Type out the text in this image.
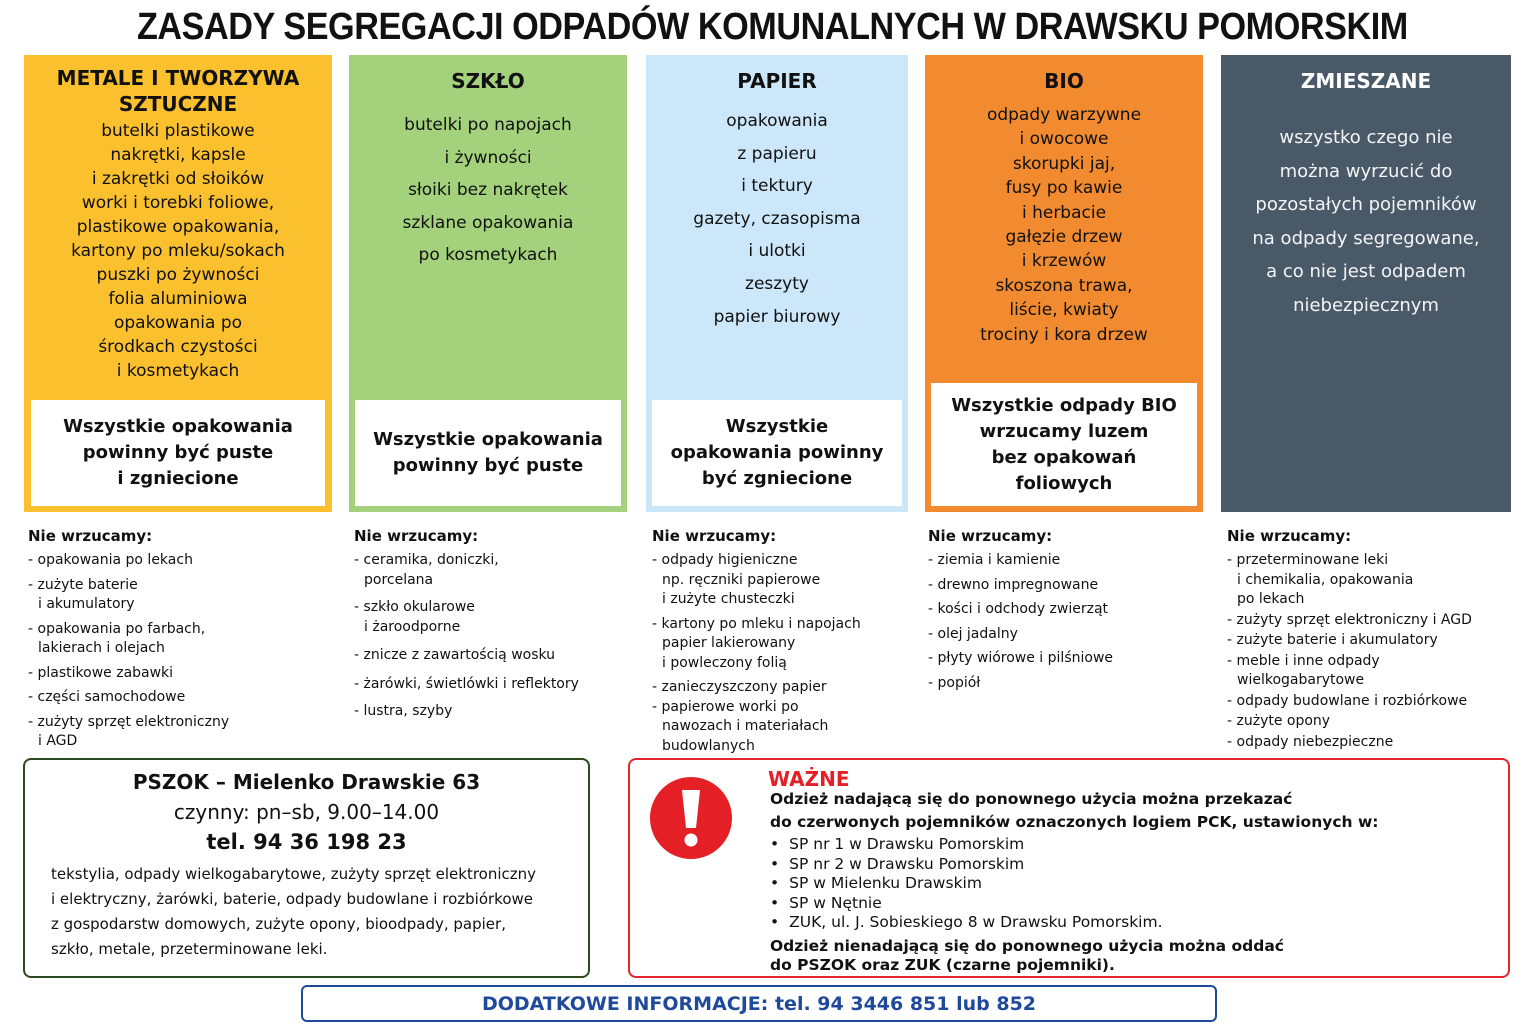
ZASADY SEGREGACJI ODPADÓW KOMUNALNYCH W DRAWSKU POMORSKIM
METALE I TWORZYWA
SZTUCZNE
butelki plastikowe
nakrętki, kapsle
i zakrętki od słoików
worki i torebki foliowe,
plastikowe opakowania,
kartony po mleku/sokach
puszki po żywności
folia aluminiowa
opakowania po
środkach czystości
i kosmetykach
Wszystkie opakowania
powinny być puste
i zgniecione
SZKŁO
butelki po napojach
i żywności
słoiki bez nakrętek
szklane opakowania
po kosmetykach
Wszystkie opakowania
powinny być puste
PAPIER
opakowania
z papieru
i tektury
gazety, czasopisma
i ulotki
zeszyty
papier biurowy
Wszystkie
opakowania powinny
być zgniecione
BIO
odpady warzywne
i owocowe
skorupki jaj,
fusy po kawie
i herbacie
gałęzie drzew
i krzewów
skoszona trawa,
liście, kwiaty
trociny i kora drzew
Wszystkie odpady BIO
wrzucamy luzem
bez opakowań
foliowych
ZMIESZANE
wszystko czego nie
można wyrzucić do
pozostałych pojemników
na odpady segregowane,
a co nie jest odpadem
niebezpiecznym
Nie wrzucamy:
- opakowania po lekach
- zużyte baterie
i akumulatory
- opakowania po farbach,
lakierach i olejach
- plastikowe zabawki
- części samochodowe
- zużyty sprzęt elektroniczny
i AGD
Nie wrzucamy:
- ceramika, doniczki,
porcelana
- szkło okularowe
i żaroodporne
- znicze z zawartością wosku
- żarówki, świetlówki i reflektory
- lustra, szyby
Nie wrzucamy:
- odpady higieniczne
np. ręczniki papierowe
i zużyte chusteczki
- kartony po mleku i napojach
papier lakierowany
i powleczony folią
- zanieczyszczony papier
- papierowe worki po
nawozach i materiałach
budowlanych
Nie wrzucamy:
- ziemia i kamienie
- drewno impregnowane
- kości i odchody zwierząt
- olej jadalny
- płyty wiórowe i pilśniowe
- popiół
Nie wrzucamy:
- przeterminowane leki
i chemikalia, opakowania
po lekach
- zużyty sprzęt elektroniczny i AGD
- zużyte baterie i akumulatory
- meble i inne odpady
wielkogabarytowe
- odpady budowlane i rozbiórkowe
- zużyte opony
- odpady niebezpieczne
PSZOK – Mielenko Drawskie 63
czynny: pn–sb, 9.00–14.00
tel. 94 36 198 23
tekstylia, odpady wielkogabarytowe, zużyty sprzęt elektroniczny
i elektryczny, żarówki, baterie, odpady budowlane i rozbiórkowe
z gospodarstw domowych, zużyte opony, bioodpady, papier,
szkło, metale, przeterminowane leki.
WAŻNE
Odzież nadającą się do ponownego użycia można przekazać
do czerwonych pojemników oznaczonych logiem PCK, ustawionych w:
• SP nr 1 w Drawsku Pomorskim
• SP nr 2 w Drawsku Pomorskim
• SP w Mielenku Drawskim
• SP w Nętnie
• ZUK, ul. J. Sobieskiego 8 w Drawsku Pomorskim.
Odzież nienadającą się do ponownego użycia można oddać
do PSZOK oraz ZUK (czarne pojemniki).
DODATKOWE INFORMACJE: tel. 94 3446 851 lub 852
